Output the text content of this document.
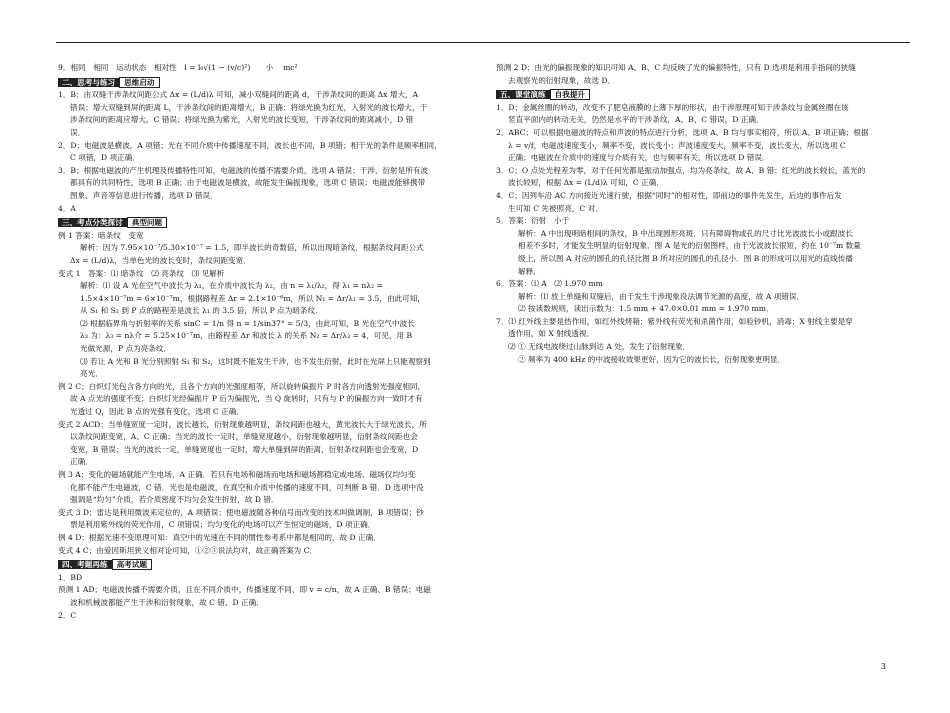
9．相同　相同　运动状态　相对性　l = l₀√(1 − (v/c)²)　　小　 mc²

二、思考与练习 思维启动

1．B；由双缝干涉条纹间距公式 Δx = (L/d)λ 可知，减小双缝间的距离 d，干涉条纹间的距离 Δx 增大，A

错误；增大双缝到屏的距离 L，干涉条纹间的距离增大，B 正确；将绿光换为红光，入射光的波长增大，干

涉条纹间的距离应增大，C 错误；将绿光换为紫光，入射光的波长变短，干涉条纹间的距离减小，D 错

误．

2．D；电磁波是横波，A 项错；光在不同介质中传播速度不同，波长也不同，B 项错；相干光的条件是频率相同，

C 项错，D 项正确．

3．B；根据电磁波的产生机理及传播特性可知，电磁波的传播不需要介质，选项 A 错误；干涉、衍射是所有波

都具有的共同特性，选项 B 正确；由于电磁波是横波，故能发生偏振现象，选项 C 错误；电磁波能够携带

图象、声音等信息进行传播，选项 D 错误．

4．A

三、考点分类探讨 典型问题

例 1 答案：暗条纹　变宽

解析：因为 7.95×10⁻⁷/5.30×10⁻⁷ = 1.5，即半波长的奇数倍，所以出现暗条纹．根据条纹间距公式

Δx = (L/d)λ，当单色光的波长变时，条纹间距变宽．

变式 1　答案：⑴ 暗条纹　⑵ 亮条纹　⑶ 见解析

解析：⑴ 设 A 光在空气中波长为 λ₁，在介质中波长为 λ₂，由 n = λ₁/λ₂，得 λ₁ = nλ₂ =

1.5×4×10⁻⁷m = 6×10⁻⁷m，根据路程差 Δr = 2.1×10⁻⁶m，所以 N₁ = Δr/λ₁ = 3.5，由此可知，

从 S₁ 和 S₂ 到 P 点的路程差是波长 λ₁ 的 3.5 倍，所以 P 点为暗条纹．

⑵ 根据临界角与折射率的关系 sinC = 1/n 得 n = 1/sin37° = 5/3，由此可知，B 光在空气中波长

λ₃ 为：λ₃ = nλ介 = 5.25×10⁻⁷m，由路程差 Δr 和波长 λ 的关系 N₂ = Δr/λ₃ = 4，可见，用 B

光做光源，P 点为亮条纹．

⑶ 若让 A 光和 B 光分别照射 S₁ 和 S₂，这时既不能发生干涉，也不发生衍射，此时在光屏上只能观察到

亮光．

例 2 C；白炽灯光包含各方向的光，且各个方向的光强度相等，所以旋转偏振片 P 时各方向透射光强度相同，

故 A 点光的强度不变；白炽灯光经偏振片 P 后为偏振光，当 Q 旋转时，只有与 P 的偏振方向一致时才有

光透过 Q，因此 B 点的光强有变化，选项 C 正确．

变式 2 ACD；当单缝宽度一定时，波长越长，衍射现象越明显，条纹间距也越大，黄光波长大于绿光波长，所

以条纹间距变宽，A、C 正确；当光的波长一定时，单缝宽度越小，衍射现象越明显，衍射条纹间距也会

变宽，B 错误；当光的波长一定，单缝宽度也一定时，增大单缝到屏的距离，衍射条纹间距也会变宽，D

正确．

例 3 A；变化的磁场就能产生电场，A 正确．若只有电场和磁场而电场和磁场都稳定或电场、磁场仅均匀变

化都不能产生电磁波，C 错．光也是电磁波，在真空和介质中传播的速度不同，可判断 B 错．D 选项中没

强调是“均匀”介质，若介质密度不均匀会发生折射，故 D 错．

变式 3 D；雷达是利用微波来定位的，A 项错误；使电磁波随各种信号而改变的技术叫做调制，B 项错误；钞

票是利用紫外线的荧光作用，C 项错误；均匀变化的电场可以产生恒定的磁场，D 项正确．

例 4 D；根据光速不变原理可知：真空中的光速在不同的惯性参考系中都是相同的，故 D 正确．

变式 4 C；由爱因斯坦狭义相对论可知，①②③说法均对，故正确答案为 C．

四、考题再练 高考试题

1．BD

预测 1 AD；电磁波传播不需要介质，且在不同介质中，传播速度不同，即 v = c/n，故 A 正确、B 错误；电磁

波和机械波都能产生干涉和衍射现象，故 C 错、D 正确．

2．C

预测 2 D；由光的偏振现象的知识可知 A、B、C 均反映了光的偏振特性，只有 D 选项是利用手指间的狭缝

去观察光的衍射现象，故选 D．

五、课堂演练 自我提升

1．D；金属丝圈的转动，改变不了肥皂液膜的上薄下厚的形状，由干涉原理可知干涉条纹与金属丝圈在该

竖直平面内的转动无关，仍然是水平的干涉条纹，A、B、C 错误，D 正确．

2．ABC；可以根据电磁波的特点和声波的特点进行分析，选项 A、B 均与事实相符，所以 A、B 项正确；根据

λ = v/f，电磁波速度变小，频率不变，波长变小；声波速度变大，频率不变，波长变大，所以选项 C

正确；电磁波在介质中的速度与介质有关，也与频率有关，所以选项 D 错误．

3．C；O 点处光程差为零，对于任何光都是振动加强点，均为亮条纹，故 A、B 错；红光的波长较长，蓝光的

波长较短，根据 Δx = (L/d)λ 可知，C 正确．

4．C；因列车沿 AC 方向接近光速行驶，根据“同时”的相对性，即前边的事件先发生，后边的事件后发

生可知 C 先被照亮，C 对．

5．答案：衍射　小于

解析：A 中出现明暗相间的条纹，B 中出现圆形亮斑．只有障碍物或孔的尺寸比光波波长小或跟波长

相差不多时，才能发生明显的衍射现象．图 A 是光的衍射图样，由于光波波长很短，约在 10⁻⁷m 数量

级上，所以图 A 对应的圆孔的孔径比图 B 所对应的圆孔的孔径小．图 B 的形成可以用光的直线传播

解释．

6．答案：⑴ A　⑵ 1.970 mm

解析：⑴ 放上单缝和双缝后，由于发生干涉现象没法调节光源的高度，故 A 项错误．

⑵ 按读数规则，读出示数为：1.5 mm + 47.0×0.01 mm = 1.970 mm．

7．⑴ 红外线主要是热作用，如红外线烤箱；紫外线有荧光和杀菌作用，如验钞机，消毒；X 射线主要是穿

透作用，如 X 射线透视．

⑵ ① 无线电波绕过山脉到达 A 处，发生了衍射现象．

② 频率为 400 kHz 的中波接收效果更好，因为它的波长长，衍射现象更明显．

3
